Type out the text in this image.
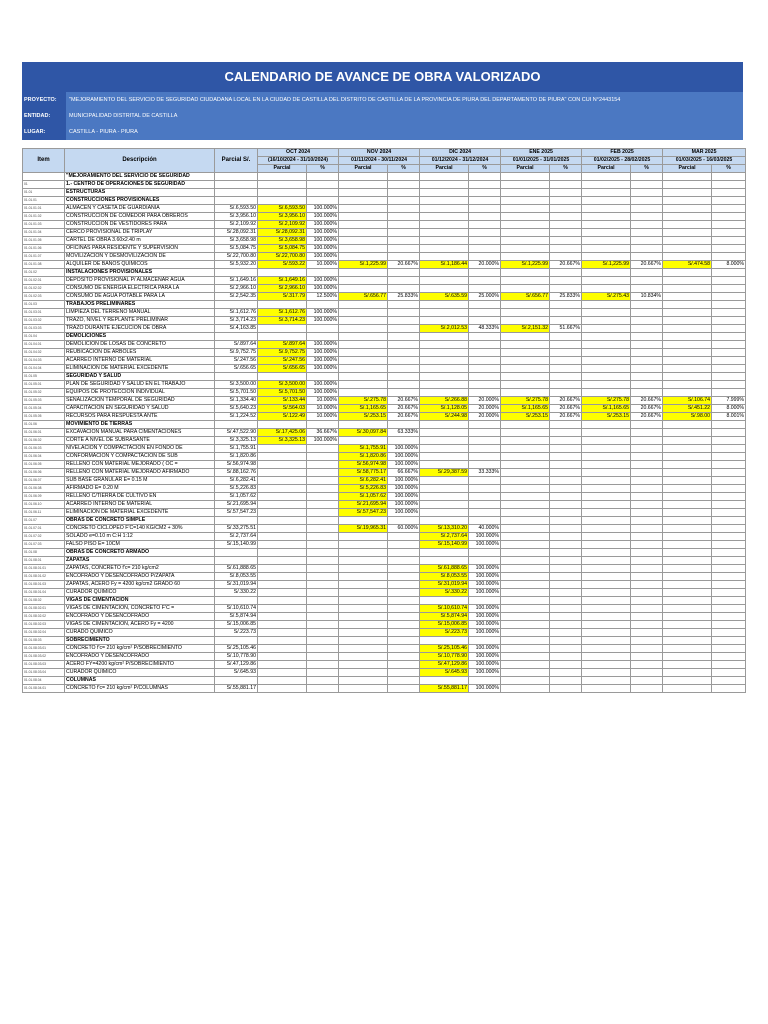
CALENDARIO DE AVANCE DE OBRA VALORIZADO
PROYECTO:	"MEJORAMIENTO DEL SERVICIO DE SEGURIDAD CIUDADANA LOCAL EN LA CIUDAD DE CASTILLA DEL DISTRITO DE CASTILLA DE LA PROVINCIA DE PIURA DEL DEPARTAMENTO DE PIURA" CON CUI N°2443154
ENTIDAD:	MUNICIPALIDAD DISTRITAL DE CASTILLA
LUGAR:	CASTILLA - PIURA - PIURA
Item	Descripción	Parcial S/.	OCT 2024		NOV 2024		DIC 2024		ENE 2025		FEB 2025		MAR 2025	
			(16/10/2024 - 31/10/2024)		01/11/2024 - 30/11/2024		01/12/2024 - 31/12/2024		01/01/2025 - 31/01/2025		01/02/2025 - 28/02/2025		01/03/2025 - 16/03/2025	
			Parcial	%	Parcial	%	Parcial	%	Parcial	%	Parcial	%	Parcial	%
	"MEJORAMIENTO DEL SERVICIO DE SEGURIDAD													
01	1.- CENTRO DE OPERACIONES DE SEGURIDAD													
01.01	ESTRUCTURAS													
01.01.01	CONSTRUCCIONES PROVISIONALES													
01.01.01.01	ALMACEN Y CASETA DE GUARDIANIA	S/.6,593.50	S/.6,593.50	100.000%										
01.01.01.02	CONSTRUCCION DE COMEDOR PARA OBREROS	S/.3,956.10	S/.3,956.10	100.000%										
01.01.01.03	CONSTRUCCION DE VESTIDORES PARA	S/.2,109.92	S/.2,109.92	100.000%										
01.01.01.04	CERCO PROVISIONAL DE TRIPLAY	S/.28,092.31	S/.28,092.31	100.000%										
01.01.01.05	CARTEL DE OBRA 3.60x2.40 m	S/.3,658.98	S/.3,658.98	100.000%										
01.01.01.06	OFICINAS PARA RESIDENTE Y SUPERVISION	S/.5,084.75	S/.5,084.75	100.000%										
01.01.01.07	MOVILIZACIÓN Y DESMOVILIZACIÓN DE	S/.22,700.80	S/.22,700.80	100.000%										
01.01.01.08	ALQUILER DE BAÑOS QUIMICOS	S/.5,932.20	S/.593.22	10.000%	S/.1,225.99	20.667%	S/.1,186.44	20.000%	S/.1,225.99	20.667%	S/.1,225.99	20.667%	S/.474.58	8.000%
01.01.02	INSTALACIONES PROVISIONALES													
01.01.02.01	DEPOSITO PROVISIONAL P/ ALMACENAR AGUA	S/.1,649.16	S/.1,649.16	100.000%										
01.01.02.02	CONSUMO DE ENERGIA ELECTRICA PARA LA	S/.2,966.10	S/.2,966.10	100.000%										
01.01.02.03	CONSUMO DE AGUA POTABLE PARA LA	S/.2,542.35	S/.317.79	12.500%	S/.656.77	25.833%	S/.635.59	25.000%	S/.656.77	25.833%	S/.275.43	10.834%		
01.01.03	TRABAJOS PRELIMINARES													
01.01.03.01	LIMPIEZA DEL TERRENO MANUAL	S/.1,612.76	S/.1,612.76	100.000%										
01.01.03.02	TRAZO, NIVEL Y REPLANTE PRELIMINAR	S/.3,714.23	S/.3,714.23	100.000%										
01.01.03.03	TRAZO DURANTE EJECUCIÓN DE OBRA	S/.4,163.85					S/.2,012.53	48.333%	S/.2,151.32	51.667%				
01.01.04	DEMOLICIONES													
01.01.04.01	DEMOLICION DE LOSAS DE CONCRETO	S/.897.64	S/.897.64	100.000%										
01.01.04.02	REUBICACION DE ARBOLES	S/.9,752.75	S/.9,752.75	100.000%										
01.01.04.03	ACARREO INTERNO DE MATERIAL	S/.247.56	S/.247.56	100.000%										
01.01.04.04	ELIMINACION DE MATERIAL EXCEDENTE	S/.656.65	S/.656.65	100.000%										
01.01.05	SEGURIDAD Y SALUD													
01.01.05.01	PLAN DE SEGURIDAD Y SALUD EN EL TRABAJO	S/.3,500.00	S/.3,500.00	100.000%										
01.01.05.02	EQUIPOS DE PROTECCIÓN INDIVIDUAL	S/.5,701.50	S/.5,701.50	100.000%										
01.01.05.03	SEÑALIZACIÓN TEMPORAL DE SEGURIDAD	S/.1,334.40	S/.133.44	10.000%	S/.275.78	20.667%	S/.266.88	20.000%	S/.275.78	20.667%	S/.275.78	20.667%	S/.106.74	7.999%
01.01.05.04	CAPACITACIÓN EN SEGURIDAD Y SALUD	S/.5,640.23	S/.564.03	10.000%	S/.1,165.65	20.667%	S/.1,128.05	20.000%	S/.1,165.65	20.667%	S/.1,165.65	20.667%	S/.451.22	8.000%
01.01.05.05	RECURSOS PARA RESPUESTA ANTE	S/.1,224.52	S/.122.49	10.000%	S/.253.15	20.667%	S/.244.98	20.000%	S/.253.15	20.667%	S/.253.15	20.667%	S/.98.00	8.001%
01.01.06	MOVIMIENTO DE TIERRAS													
01.01.06.01	EXCAVACION MANUAL PARA CIMENTACIONES	S/.47,522.90	S/.17,425.06	36.667%	S/.30,097.84	63.333%								
01.01.06.02	CORTE A NIVEL DE SUBRASANTE	S/.3,325.13	S/.3,325.13	100.000%										
01.01.06.03	NIVELACIÓN Y COMPACTACION EN FONDO DE	S/.1,755.91			S/.1,755.91	100.000%								
01.01.06.04	CONFORMACION Y COMPACTACION DE SUB	S/.1,820.86			S/.1,820.86	100.000%								
01.01.06.05	RELLENO CON MATERIAL MEJORADO ( OC =	S/.56,974.98			S/.56,974.98	100.000%								
01.01.06.06	RELLENO CON MATERIAL MEJORADO AFIRMADO	S/.88,162.76			S/.58,775.17	66.667%	S/.29,387.59	33.333%						
01.01.06.07	SUB BASE GRANULAR E= 0.15 M	S/.6,282.41			S/.6,282.41	100.000%								
01.01.06.08	AFIRMADO E= 0.20 M	S/.5,226.83			S/.5,226.83	100.000%								
01.01.06.09	RELLENO C/TIERRA DE CULTIVO EN	S/.1,057.62			S/.1,057.62	100.000%								
01.01.06.10	ACARREO INTERNO DE MATERIAL	S/.21,695.94			S/.21,695.94	100.000%								
01.01.06.11	ELIMINACION DE MATERIAL EXCEDENTE	S/.57,547.23			S/.57,547.23	100.000%								
01.01.07	OBRAS DE CONCRETO SIMPLE													
01.01.07.01	CONCRETO CICLOPEO F'C=140 KG/CM2 + 30%	S/.33,275.51			S/.19,965.31	60.000%	S/.13,310.20	40.000%						
01.01.07.02	SOLADO e=0.10 m C:H 1:12	S/.2,737.64					S/.2,737.64	100.000%						
01.01.07.03	FALSO PISO E= 10CM	S/.15,140.99					S/.15,140.99	100.000%						
01.01.08	OBRAS DE CONCRETO ARMADO													
01.01.08.01	ZAPATAS													
01.01.08.01.01	ZAPATAS, CONCRETO f'c= 210 kg/cm2	S/.61,888.65					S/.61,888.65	100.000%						
01.01.08.01.02	ENCOFRADO Y DESENCOFRADO P/ZAPATA	S/.8,053.55					S/.8,053.55	100.000%						
01.01.08.01.03	ZAPATAS, ACERO Fy = 4200 kg/cm2 GRADO 60	S/.31,019.94					S/.31,019.94	100.000%						
01.01.08.01.04	CURADOR QUIMICO	S/.330.22					S/.330.22	100.000%						
01.01.08.02	VIGAS DE CIMENTACIÓN													
01.01.08.02.01	VIGAS DE CIMENTACIÓN, CONCRETO F'C =	S/.10,610.74					S/.10,610.74	100.000%						
01.01.08.02.02	ENCOFRADO Y DESENCOFRADO	S/.5,874.94					S/.5,874.94	100.000%						
01.01.08.02.03	VIGAS DE CIMENTACIÓN, ACERO Fy = 4200	S/.15,006.85					S/.15,006.85	100.000%						
01.01.08.02.04	CURADO QUIMICO	S/.223.73					S/.223.73	100.000%						
01.01.08.03	SOBRECIMIENTO													
01.01.08.03.01	CONCRETO f'c= 210 kg/cm² P/SOBRECIMIENTO	S/.25,105.46					S/.25,105.46	100.000%						
01.01.08.03.02	ENCOFRADO Y DESENCOFRADO	S/.10,778.90					S/.10,778.90	100.000%						
01.01.08.03.03	ACERO FY=4200 kg/cm² P/SOBRECIMIENTO	S/.47,129.86					S/.47,129.86	100.000%						
01.01.08.03.04	CURADOR QUIMICO	S/.645.93					S/.645.93	100.000%						
01.01.08.04	COLUMNAS													
01.01.08.04.01	CONCRETO f'c= 210 kg/cm² P/COLUMNAS	S/.55,881.17					S/.55,881.17	100.000%						
